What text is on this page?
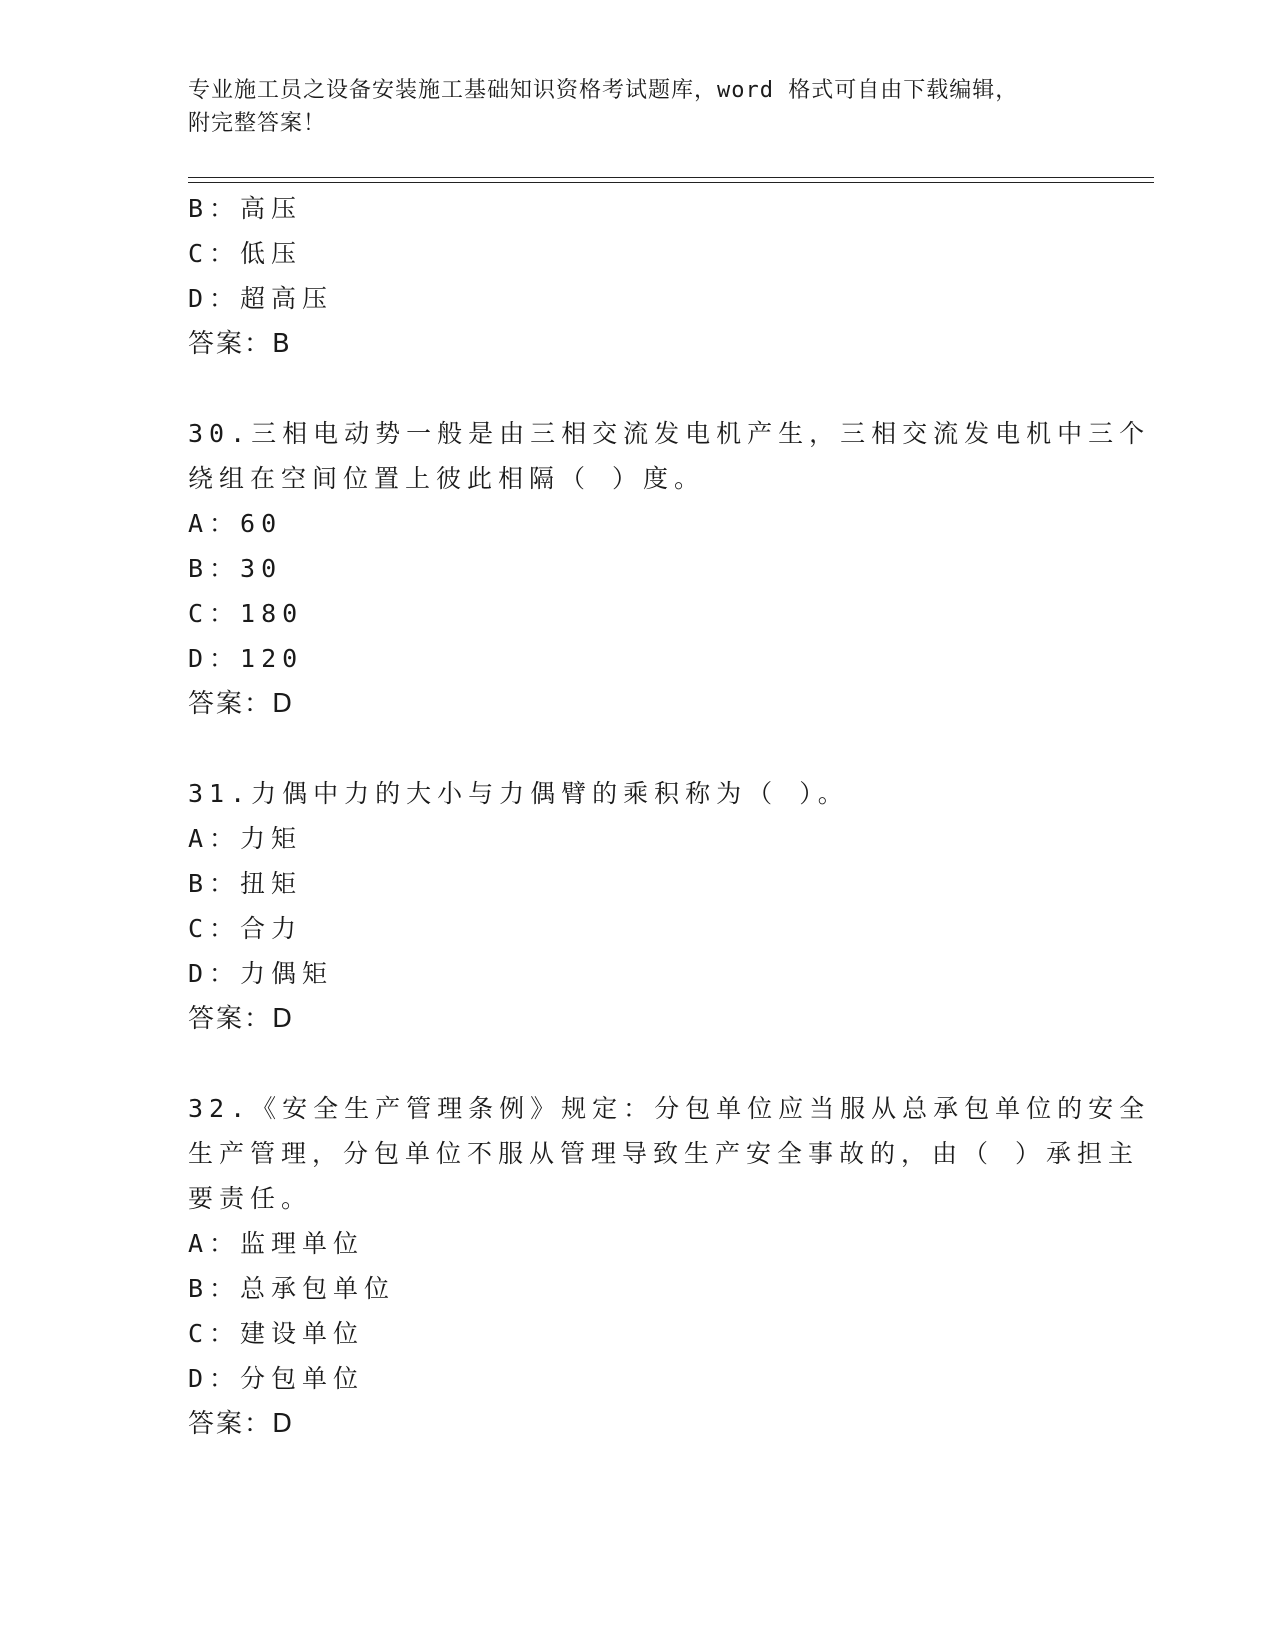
专业施工员之设备安装施工基础知识资格考试题库，word 格式可自由下载编辑，
附完整答案！
B：高压
C：低压
D：超高压
答案：B
30.三相电动势一般是由三相交流发电机产生，三相交流发电机中三个
绕组在空间位置上彼此相隔（ ）度。
A：60
B：30
C：180
D：120
答案：D
31.力偶中力的大小与力偶臂的乘积称为（ ）。
A：力矩
B：扭矩
C：合力
D：力偶矩
答案：D
32.《安全生产管理条例》规定：分包单位应当服从总承包单位的安全
生产管理，分包单位不服从管理导致生产安全事故的，由（ ）承担主
要责任。
A：监理单位
B：总承包单位
C：建设单位
D：分包单位
答案：D
